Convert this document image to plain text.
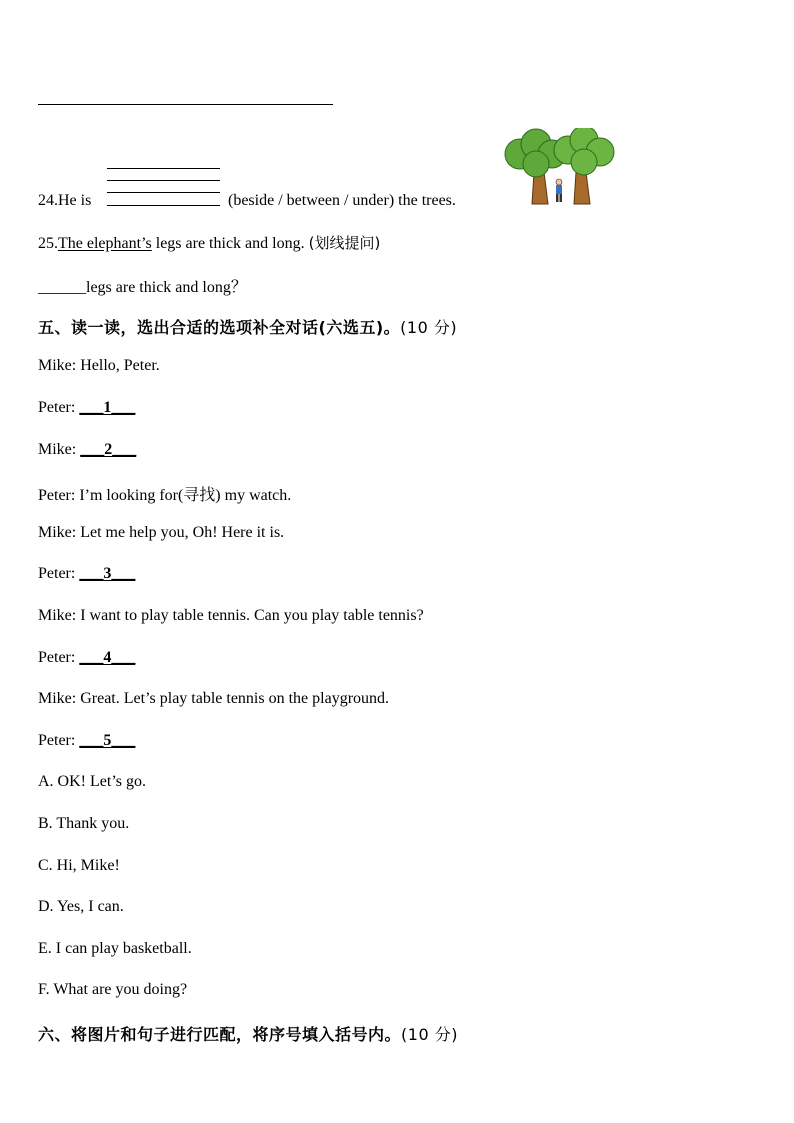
24.He is	(beside / between / under) the trees.
25.The elephant’s legs are thick and long. (划线提问)
______legs are thick and long？
五、读一读，选出合适的选项补全对话(六选五)。(10 分)
Mike: Hello, Peter.
Peter: ___1___
Mike: ___2___
Peter: I’m looking for(寻找) my watch.
Mike: Let me help you, Oh! Here it is.
Peter: ___3___
Mike: I want to play table tennis. Can you play table tennis?
Peter: ___4___
Mike: Great. Let’s play table tennis on the playground.
Peter: ___5___
A. OK! Let’s go.
B. Thank you.
C. Hi, Mike!
D. Yes, I can.
E. I can play basketball.
F. What are you doing?
六、将图片和句子进行匹配，将序号填入括号内。(10 分)
